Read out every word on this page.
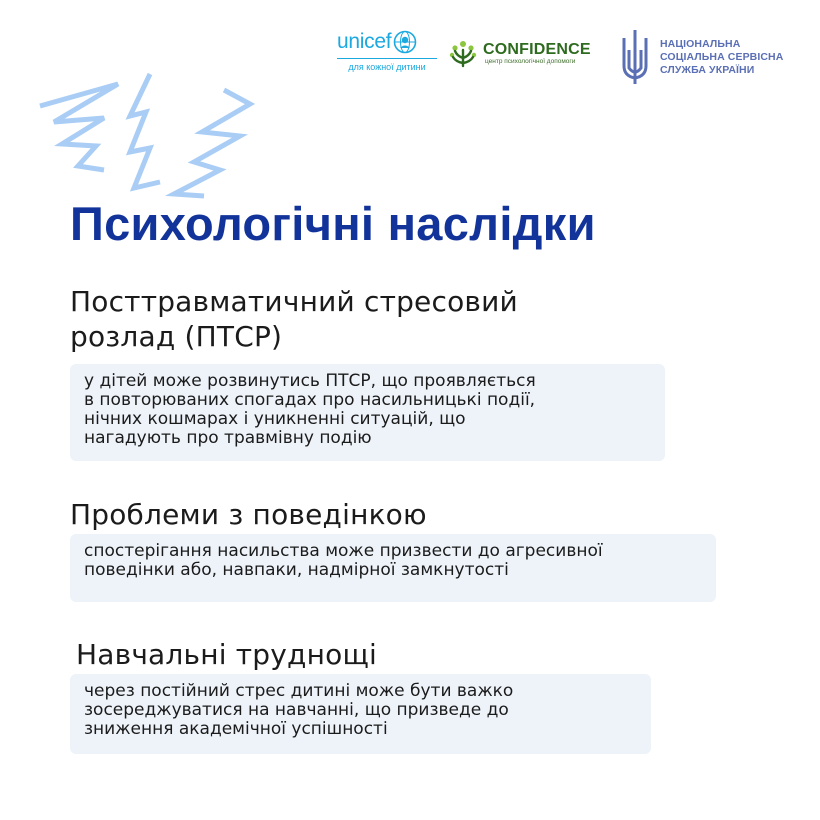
unicef
для кожної дитини
CONFIDENCE
центр психологічної допомоги
НАЦІОНАЛЬНА
СОЦІАЛЬНА СЕРВІСНА
СЛУЖБА УКРАЇНИ
Психологічні наслідки
Посттравматичний стресовий
розлад (ПТСР)
у дітей може розвинутись ПТСР, що проявляється
в повторюваних спогадах про насильницькі події,
нічних кошмарах і уникненні ситуацій, що
нагадують про травмівну подію
Проблеми з поведінкою
спостерігання насильства може призвести до агресивної
поведінки або, навпаки, надмірної замкнутості
Навчальні труднощі
через постійний стрес дитині може бути важко
зосереджуватися на навчанні, що призведе до
зниження академічної успішності
